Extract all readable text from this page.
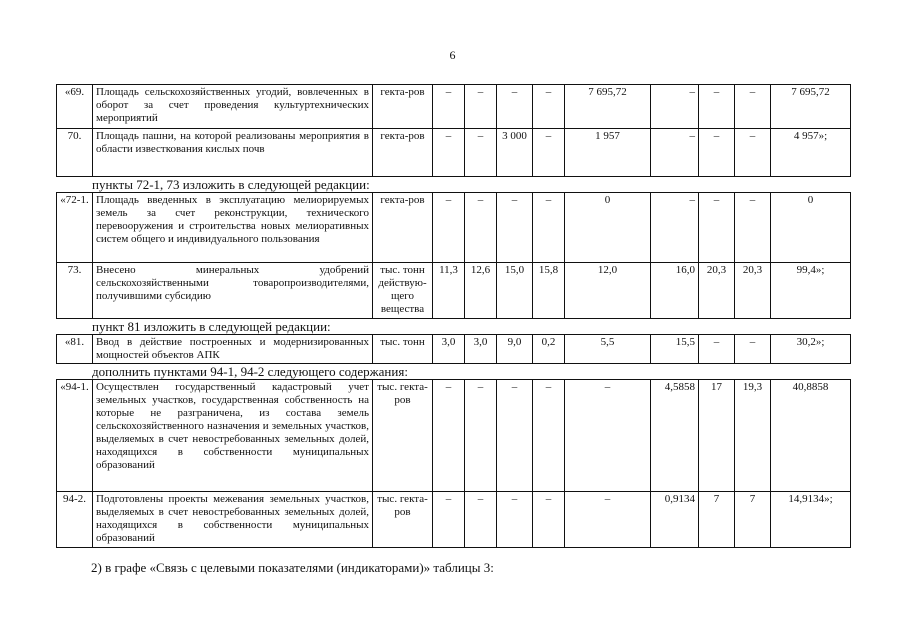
6
«69.	Площадь сельскохозяйственных угодий, вовлеченных в оборот за счет проведения культуртехнических мероприятий	гекта-ров	–	–	–	–	7 695,72	–	–	–	7 695,72
70.	Площадь пашни, на которой реализованы мероприятия в области известкования кислых почв	гекта-ров	–	–	3 000	–	1 957	–	–	–	4 957»;
пункты 72-1, 73 изложить в следующей редакции:
«72-1.	Площадь введенных в эксплуатацию мелиорируемых земель за счет реконструкции, технического перевооружения и строительства новых мелиоративных систем общего и индивидуального пользования	гекта-ров	–	–	–	–	0	–	–	–	0
73.	Внесено минеральных удобрений сельскохозяйственными товаропроизводителями, получившими субсидию	тыс. тонн действую-щего вещества	11,3	12,6	15,0	15,8	12,0	16,0	20,3	20,3	99,4»;
пункт 81 изложить в следующей редакции:
«81.	Ввод в действие построенных и модернизированных мощностей объектов АПК	тыс. тонн	3,0	3,0	9,0	0,2	5,5	15,5	–	–	30,2»;
дополнить пунктами 94-1, 94-2 следующего содержания:
«94-1.	Осуществлен государственный кадастровый учет земельных участков, государственная собственность на которые не разграничена, из состава земель сельскохозяйственного назначения и земельных участков, выделяемых в счет невостребованных земельных долей, находящихся в собственности муниципальных образований	тыс. гекта-ров	–	–	–	–	–	4,5858	17	19,3	40,8858
94-2.	Подготовлены проекты межевания земельных участков, выделяемых в счет невостребованных земельных долей, находящихся в собственности муниципальных образований	тыс. гекта-ров	–	–	–	–	–	0,9134	7	7	14,9134»;
2) в графе «Связь с целевыми показателями (индикаторами)» таблицы 3:
